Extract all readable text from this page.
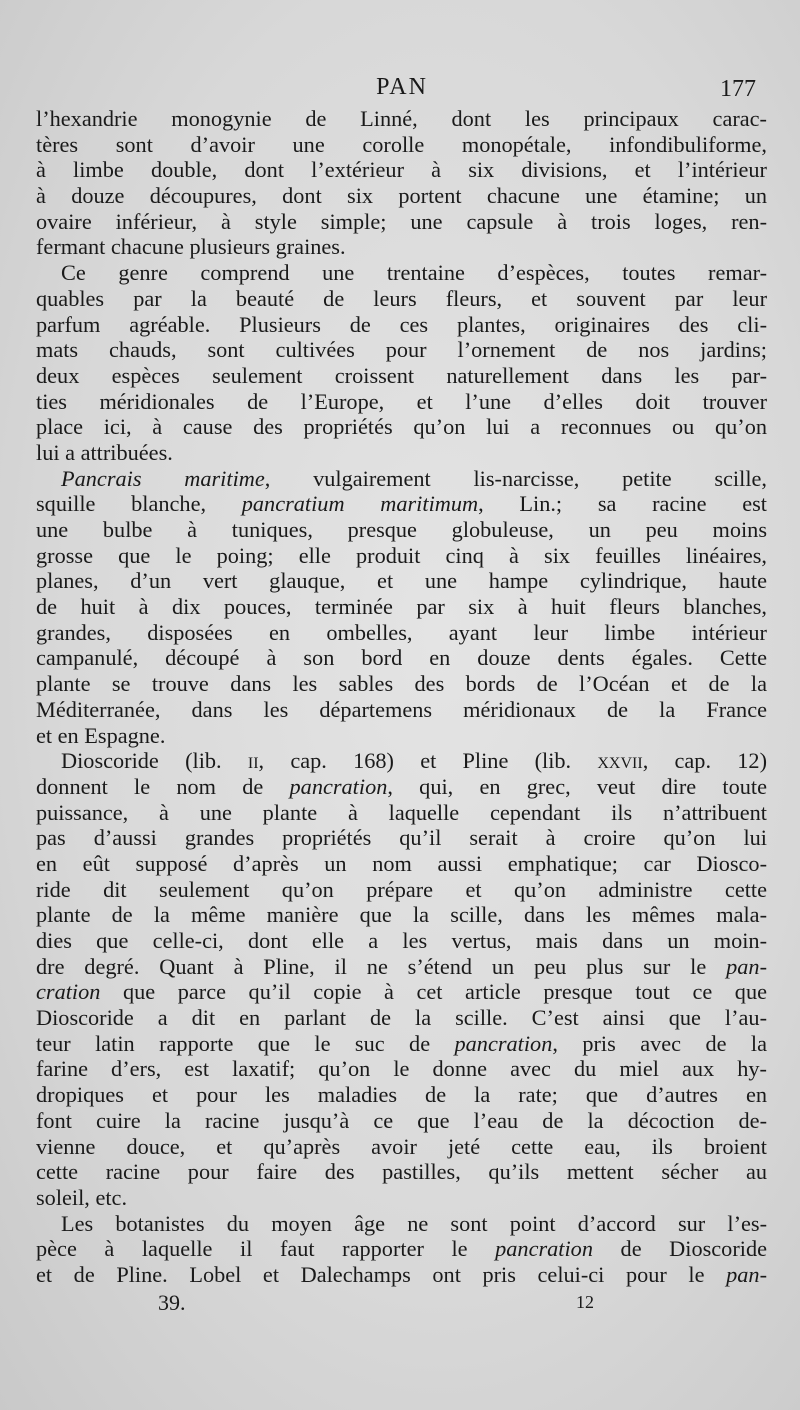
PAN	177
l’hexandrie monogynie de Linné, dont les principaux carac-
tères sont d’avoir une corolle monopétale, infondibuliforme,
à limbe double, dont l’extérieur à six divisions, et l’intérieur
à douze découpures, dont six portent chacune une étamine; un
ovaire inférieur, à style simple; une capsule à trois loges, ren-
fermant chacune plusieurs graines.
Ce genre comprend une trentaine d’espèces, toutes remar-
quables par la beauté de leurs fleurs, et souvent par leur
parfum agréable. Plusieurs de ces plantes, originaires des cli-
mats chauds, sont cultivées pour l’ornement de nos jardins;
deux espèces seulement croissent naturellement dans les par-
ties méridionales de l’Europe, et l’une d’elles doit trouver
place ici, à cause des propriétés qu’on lui a reconnues ou qu’on
lui a attribuées.
Pancrais maritime, vulgairement lis-narcisse, petite scille,
squille blanche, pancratium maritimum, Lin.; sa racine est
une bulbe à tuniques, presque globuleuse, un peu moins
grosse que le poing; elle produit cinq à six feuilles linéaires,
planes, d’un vert glauque, et une hampe cylindrique, haute
de huit à dix pouces, terminée par six à huit fleurs blanches,
grandes, disposées en ombelles, ayant leur limbe intérieur
campanulé, découpé à son bord en douze dents égales. Cette
plante se trouve dans les sables des bords de l’Océan et de la
Méditerranée, dans les départemens méridionaux de la France
et en Espagne.
Dioscoride (lib. ii, cap. 168) et Pline (lib. xxvii, cap. 12)
donnent le nom de pancration, qui, en grec, veut dire toute
puissance, à une plante à laquelle cependant ils n’attribuent
pas d’aussi grandes propriétés qu’il serait à croire qu’on lui
en eût supposé d’après un nom aussi emphatique; car Diosco-
ride dit seulement qu’on prépare et qu’on administre cette
plante de la même manière que la scille, dans les mêmes mala-
dies que celle-ci, dont elle a les vertus, mais dans un moin-
dre degré. Quant à Pline, il ne s’étend un peu plus sur le pan-
cration que parce qu’il copie à cet article presque tout ce que
Dioscoride a dit en parlant de la scille. C’est ainsi que l’au-
teur latin rapporte que le suc de pancration, pris avec de la
farine d’ers, est laxatif; qu’on le donne avec du miel aux hy-
dropiques et pour les maladies de la rate; que d’autres en
font cuire la racine jusqu’à ce que l’eau de la décoction de-
vienne douce, et qu’après avoir jeté cette eau, ils broient
cette racine pour faire des pastilles, qu’ils mettent sécher au
soleil, etc.
Les botanistes du moyen âge ne sont point d’accord sur l’es-
pèce à laquelle il faut rapporter le pancration de Dioscoride
et de Pline. Lobel et Dalechamps ont pris celui-ci pour le pan-
39.	12
